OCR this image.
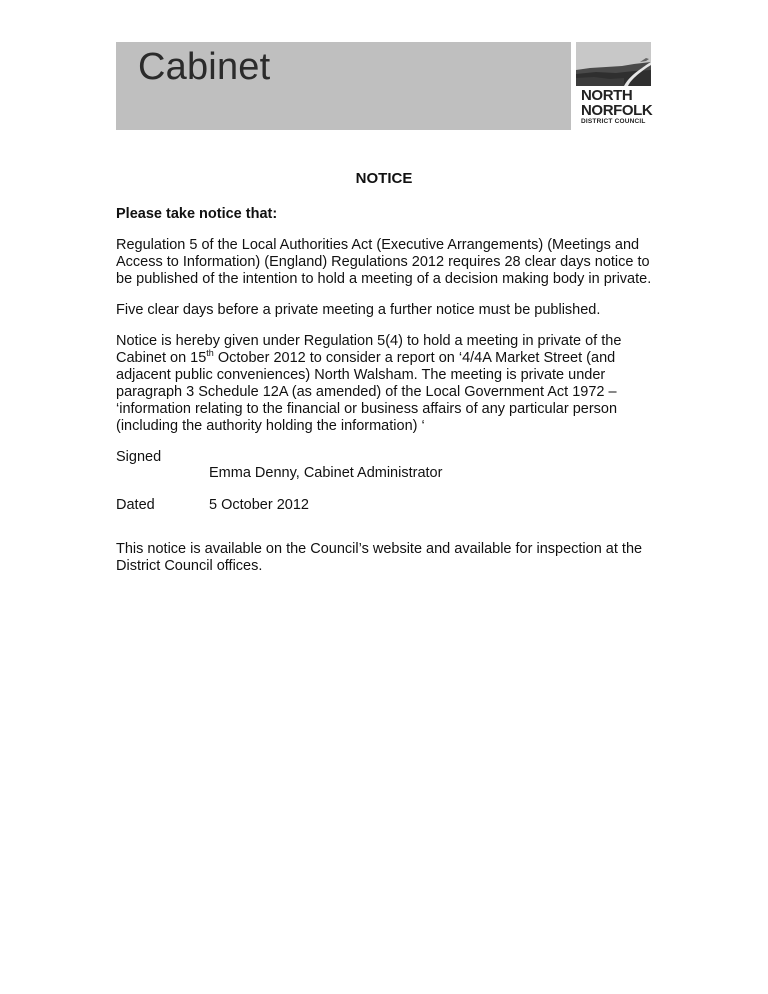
Cabinet
NORTH
NORFOLK
DISTRICT COUNCIL
NOTICE

Please take notice that:

Regulation 5 of the Local Authorities Act (Executive Arrangements) (Meetings and Access to Information) (England) Regulations 2012 requires 28 clear days notice to be published of the intention to hold a meeting of a decision making body in private.

Five clear days before a private meeting a further notice must be published.

Notice is hereby given under Regulation 5(4) to hold a meeting in private of the Cabinet on 15th October 2012 to consider a report on ‘4/4A Market Street (and adjacent public conveniences) North Walsham. The meeting is private under paragraph 3 Schedule 12A (as amended) of the Local Government Act 1972 – ‘information relating to the financial or business affairs of any particular person (including the authority holding the information) ‘

Signed
Emma Denny, Cabinet Administrator
Dated	5 October 2012

This notice is available on the Council’s website and available for inspection at the District Council offices.
